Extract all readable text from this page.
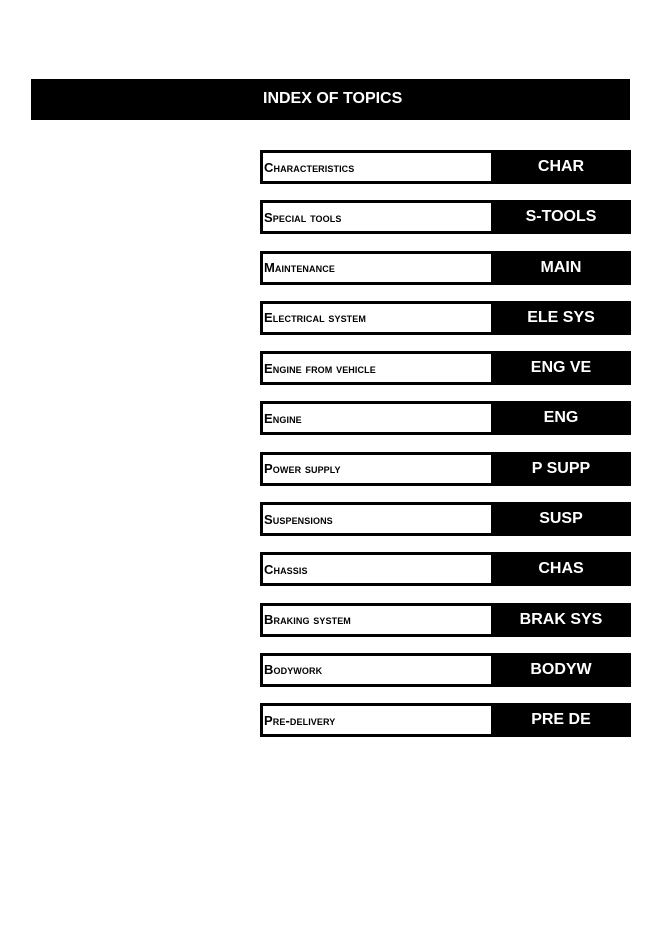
INDEX OF TOPICS
Characteristics	CHAR
Special tools	S-TOOLS
Maintenance	MAIN
Electrical system	ELE SYS
Engine from vehicle	ENG VE
Engine	ENG
Power supply	P SUPP
Suspensions	SUSP
Chassis	CHAS
Braking system	BRAK SYS
Bodywork	BODYW
Pre-delivery	PRE DE
